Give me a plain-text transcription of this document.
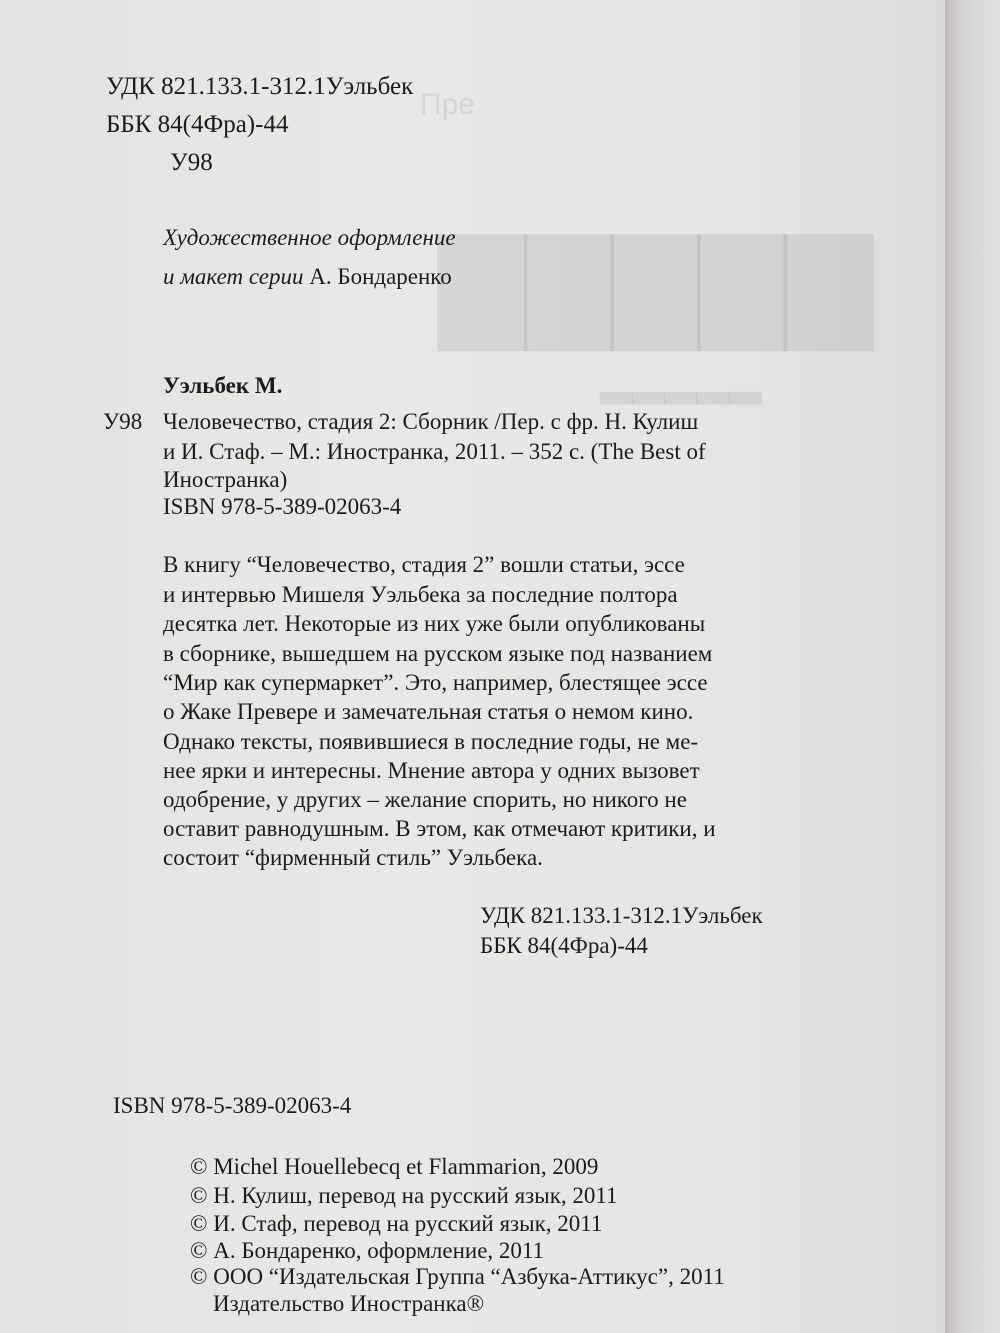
УДК 821.133.1-312.1Уэльбек
ББК 84(4Фра)-44
У98
Художественное оформление
и макет серии А. Бондаренко
Уэльбек М.
У98 Человечество, стадия 2: Сборник /Пер. с фр. Н. Кулиш
и И. Стаф. – М.: Иностранка, 2011. – 352 с. (The Best of
Иностранка)
ISBN 978-5-389-02063-4
В книгу “Человечество, стадия 2” вошли статьи, эссе
и интервью Мишеля Уэльбека за последние полтора
десятка лет. Некоторые из них уже были опубликованы
в сборнике, вышедшем на русском языке под названием
“Мир как супермаркет”. Это, например, блестящее эссе
о Жаке Превере и замечательная статья о немом кино.
Однако тексты, появившиеся в последние годы, не ме-
нее ярки и интересны. Мнение автора у одних вызовет
одобрение, у других – желание спорить, но никого не
оставит равнодушным. В этом, как отмечают критики, и
состоит “фирменный стиль” Уэльбека.
УДК 821.133.1-312.1Уэльбек
ББК 84(4Фра)-44
ISBN 978-5-389-02063-4
© Michel Houellebecq et Flammarion, 2009
© Н. Кулиш, перевод на русский язык, 2011
© И. Стаф, перевод на русский язык, 2011
© А. Бондаренко, оформление, 2011
© ООО “Издательская Группа “Азбука-Аттикус”, 2011
Издательство Иностранка®
